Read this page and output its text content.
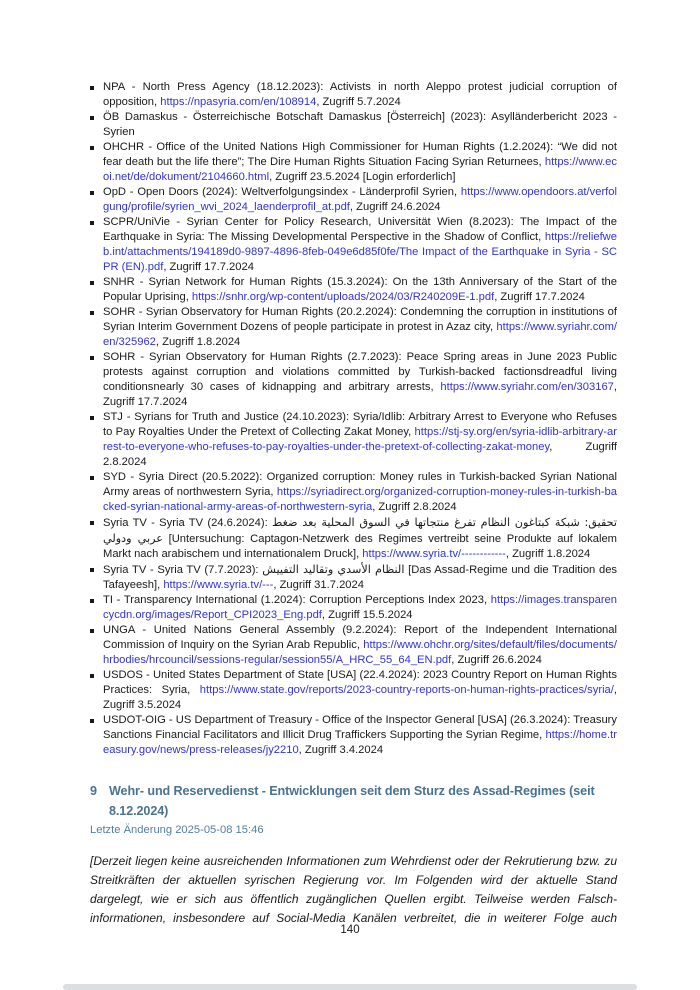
NPA - North Press Agency (18.12.2023): Activists in north Aleppo protest judicial corruption of opposition, https://npasyria.com/en/108914, Zugriff 5.7.2024
ÖB Damaskus - Österreichische Botschaft Damaskus [Österreich] (2023): Asylländerbericht 2023 - Syrien
OHCHR - Office of the United Nations High Commissioner for Human Rights (1.2.2024): “We did not fear death but the life there”; The Dire Human Rights Situation Facing Syrian Returnees, https://www.ecoi.net/de/dokument/2104660.html, Zugriff 23.5.2024 [Login erforderlich]
OpD - Open Doors (2024): Weltverfolgungsindex - Länderprofil Syrien, https://www.opendoors.at/verfolgung/profile/syrien_wvi_2024_laenderprofil_at.pdf, Zugriff 24.6.2024
SCPR/UniVie - Syrian Center for Policy Research, Universität Wien (8.2023): The Impact of the Earthquake in Syria: The Missing Developmental Perspective in the Shadow of Conflict, https://reliefweb.int/attachments/194189d0-9897-4896-8feb-049e6d85f0fe/The Impact of the Earthquake in Syria - SCPR (EN).pdf, Zugriff 17.7.2024
SNHR - Syrian Network for Human Rights (15.3.2024): On the 13th Anniversary of the Start of the Popular Uprising, https://snhr.org/wp-content/uploads/2024/03/R240209E-1.pdf, Zugriff 17.7.2024
SOHR - Syrian Observatory for Human Rights (20.2.2024): Condemning the corruption in institutions of Syrian Interim Government Dozens of people participate in protest in Azaz city, https://www.syriahr.com/en/325962, Zugriff 1.8.2024
SOHR - Syrian Observatory for Human Rights (2.7.2023): Peace Spring areas in June 2023 Public protests against corruption and violations committed by Turkish-backed factionsdreadful living conditionsnearly 30 cases of kidnapping and arbitrary arrests, https://www.syriahr.com/en/303167, Zugriff 17.7.2024
STJ - Syrians for Truth and Justice (24.10.2023): Syria/Idlib: Arbitrary Arrest to Everyone who Refuses to Pay Royalties Under the Pretext of Collecting Zakat Money, https://stj-sy.org/en/syria-idlib-arbitrary-arrest-to-everyone-who-refuses-to-pay-royalties-under-the-pretext-of-collecting-zakat-money, Zugriff 2.8.2024
SYD - Syria Direct (20.5.2022): Organized corruption: Money rules in Turkish-backed Syrian National Army areas of northwestern Syria, https://syriadirect.org/organized-corruption-money-rules-in-turkish-backed-syrian-national-army-areas-of-northwestern-syria, Zugriff 2.8.2024
Syria TV - Syria TV (24.6.2024): تحقيق: شبكة كبتاغون النظام تفرغ منتجاتها في السوق المحلية بعد ضغط عربي ودولي [Untersuchung: Captagon-Netzwerk des Regimes vertreibt seine Produkte auf lokalem Markt nach arabischem und internationalem Druck], https://www.syria.tv/------------, Zugriff 1.8.2024
Syria TV - Syria TV (7.7.2023): النظام الأسدي وتقاليد التفييش [Das Assad-Regime und die Tradition des Tafayeesh], https://www.syria.tv/---, Zugriff 31.7.2024
TI - Transparency International (1.2024): Corruption Perceptions Index 2023, https://images.transparencycdn.org/images/Report_CPI2023_Eng.pdf, Zugriff 15.5.2024
UNGA - United Nations General Assembly (9.2.2024): Report of the Independent International Commission of Inquiry on the Syrian Arab Republic, https://www.ohchr.org/sites/default/files/documents/hrbodies/hrcouncil/sessions-regular/session55/A_HRC_55_64_EN.pdf, Zugriff 26.6.2024
USDOS - United States Department of State [USA] (22.4.2024): 2023 Country Report on Human Rights Practices: Syria, https://www.state.gov/reports/2023-country-reports-on-human-rights-practices/syria/, Zugriff 3.5.2024
USDOT-OIG - US Department of Treasury - Office of the Inspector General [USA] (26.3.2024): Treasury Sanctions Financial Facilitators and Illicit Drug Traffickers Supporting the Syrian Regime, https://home.treasury.gov/news/press-releases/jy2210, Zugriff 3.4.2024
9 Wehr- und Reservedienst - Entwicklungen seit dem Sturz des Assad-Regimes (seit 8.12.2024)
Letzte Änderung 2025-05-08 15:46

[Derzeit liegen keine ausreichenden Informationen zum Wehrdienst oder der Rekrutierung bzw. zu Streitkräften der aktuellen syrischen Regierung vor. Im Folgenden wird der aktuelle Stand dargelegt, wie er sich aus öffentlich zugänglichen Quellen ergibt. Teilweise werden Falsch-informationen, insbesondere auf Social-Media Kanälen verbreitet, die in weiterer Folge auch

140
